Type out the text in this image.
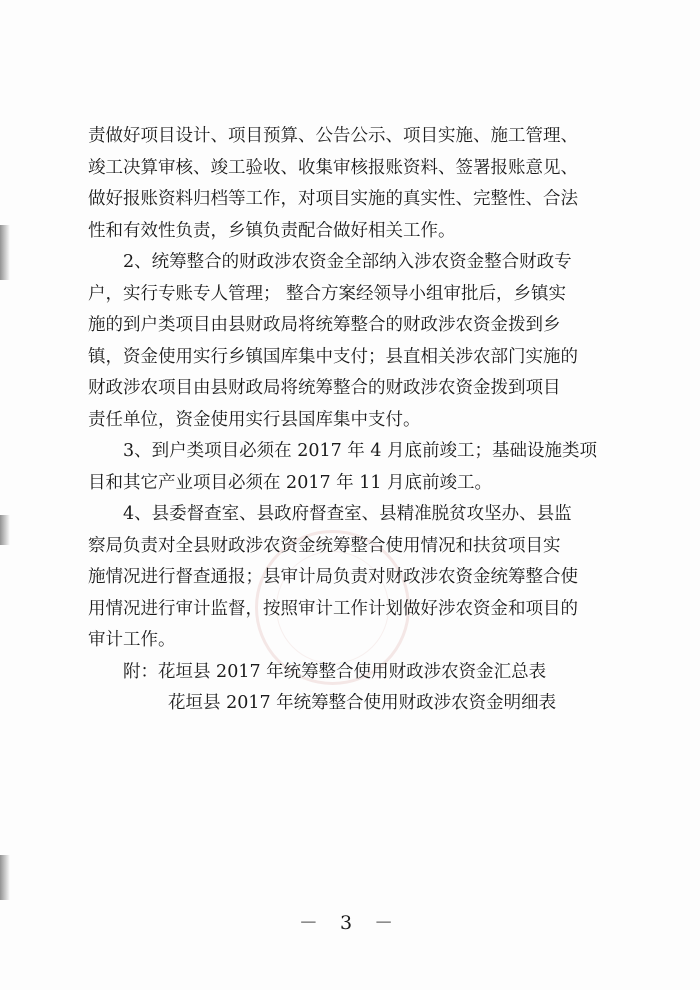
责做好项目设计、项目预算、公告公示、项目实施、施工管理、
竣工决算审核、竣工验收、收集审核报账资料、签署报账意见、
做好报账资料归档等工作，对项目实施的真实性、完整性、合法
性和有效性负责，乡镇负责配合做好相关工作。
2、统筹整合的财政涉农资金全部纳入涉农资金整合财政专
户，实行专账专人管理； 整合方案经领导小组审批后，乡镇实
施的到户类项目由县财政局将统筹整合的财政涉农资金拨到乡
镇，资金使用实行乡镇国库集中支付；县直相关涉农部门实施的
财政涉农项目由县财政局将统筹整合的财政涉农资金拨到项目
责任单位，资金使用实行县国库集中支付。
3、到户类项目必须在 2017 年 4 月底前竣工；基础设施类项
目和其它产业项目必须在 2017 年 11 月底前竣工。
4、县委督查室、县政府督查室、县精准脱贫攻坚办、县监
察局负责对全县财政涉农资金统筹整合使用情况和扶贫项目实
施情况进行督查通报；县审计局负责对财政涉农资金统筹整合使
用情况进行审计监督，按照审计工作计划做好涉农资金和项目的
审计工作。
附：花垣县 2017 年统筹整合使用财政涉农资金汇总表
花垣县 2017 年统筹整合使用财政涉农资金明细表
－ 3 －
